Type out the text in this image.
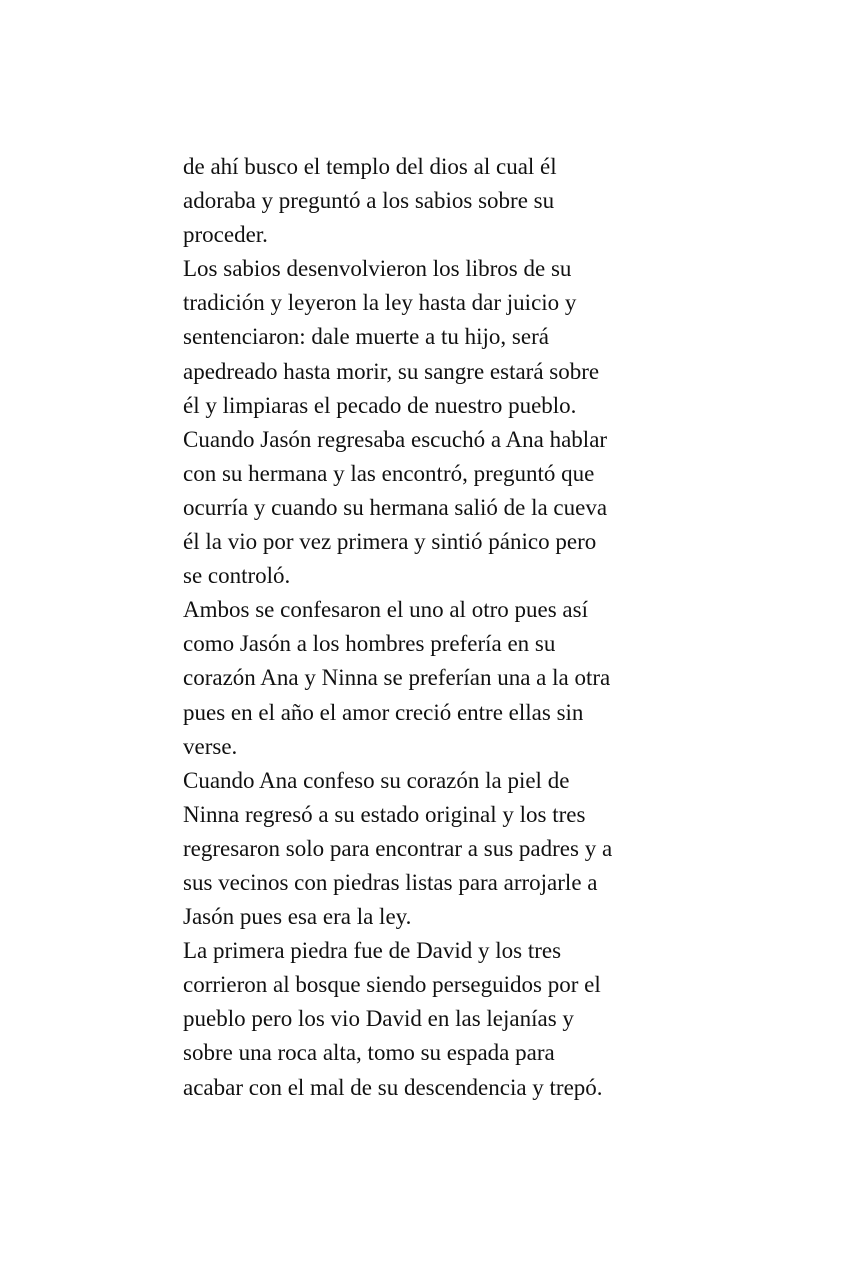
de ahí busco el templo del dios al cual él
adoraba y preguntó a los sabios sobre su
proceder.
Los sabios desenvolvieron los libros de su
tradición y leyeron la ley hasta dar juicio y
sentenciaron: dale muerte a tu hijo, será
apedreado hasta morir, su sangre estará sobre
él y limpiaras el pecado de nuestro pueblo.
Cuando Jasón regresaba escuchó a Ana hablar
con su hermana y las encontró, preguntó que
ocurría y cuando su hermana salió de la cueva
él la vio por vez primera y sintió pánico pero
se controló.
Ambos se confesaron el uno al otro pues así
como Jasón a los hombres prefería en su
corazón Ana y Ninna se preferían una a la otra
pues en el año el amor creció entre ellas sin
verse.
Cuando Ana confeso su corazón la piel de
Ninna regresó a su estado original y los tres
regresaron solo para encontrar a sus padres y a
sus vecinos con piedras listas para arrojarle a
Jasón pues esa era la ley.
La primera piedra fue de David y los tres
corrieron al bosque siendo perseguidos por el
pueblo pero los vio David en las lejanías y
sobre una roca alta, tomo su espada para
acabar con el mal de su descendencia y trepó.
